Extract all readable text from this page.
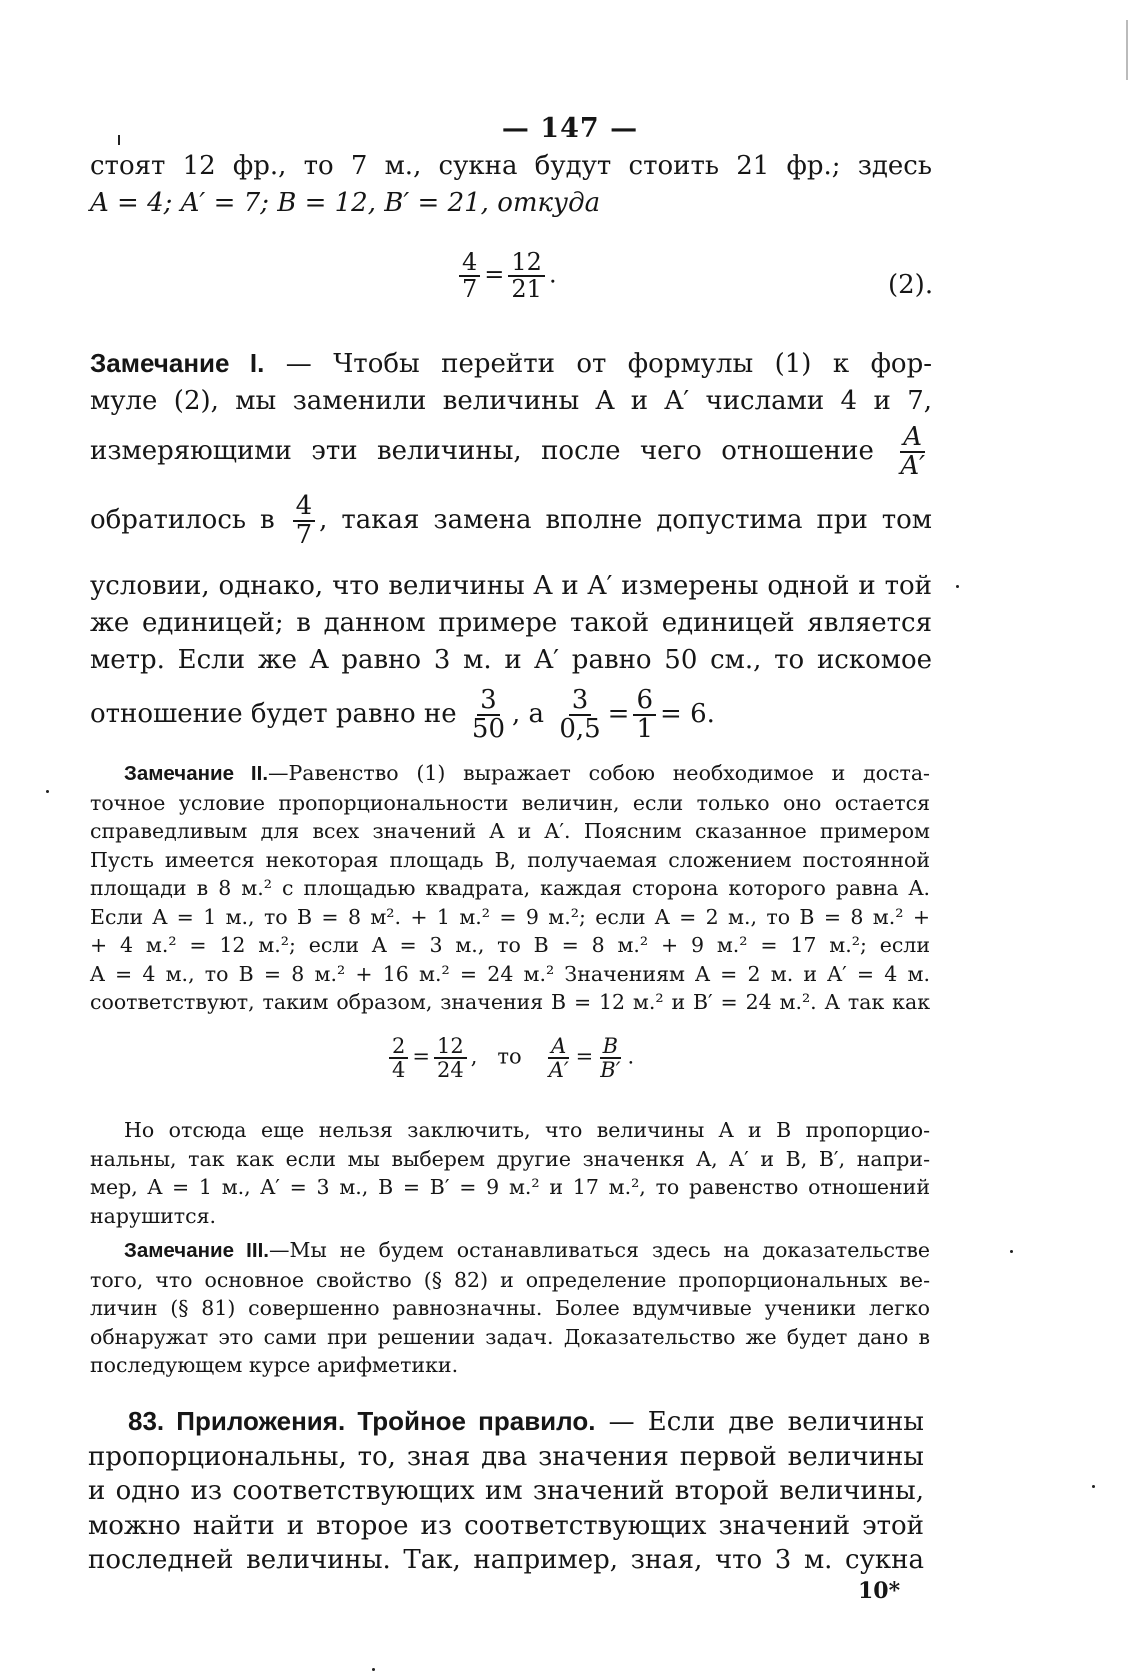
— 147 —
стоят 12 фр., то 7 м., сукна будут стоить 21 фр.; здесь
A = 4; A′ = 7; B = 12, B′ = 21, откуда
$\frac{4}{7} = \frac{12}{21}$ .	(2).
Замечание I. — Чтобы перейти от формулы (1) к фор-
муле (2), мы заменили величины A и A′ числами 4 и 7,
измеряющими эти величины, после чего отношение $\frac{A}{A'}$
обратилось в $\frac{4}{7}$ , такая замена вполне допустима при том
условии, однако, что величины A и A′ измерены одной и той
же единицей; в данном примере такой единицей является
метр. Если же A равно 3 м. и A′ равно 50 см., то искомое
отношение будет равно не $\frac{3}{50}$ , а $\frac{3}{0,5} = \frac{6}{1} = 6$.
Замечание II.—Равенство (1) выражает собою необходимое и доста-
точное условие пропорциональности величин, если только оно остается
справедливым для всех значений A и A′. Поясним сказанное примером
Пусть имеется некоторая площадь B, получаемая сложением постоянной
площади в 8 м.² с площадью квадрата, каждая сторона которого равна A.
Если A = 1 м., то B = 8 м². + 1 м.² = 9 м.²; если A = 2 м., то B = 8 м.² +
+ 4 м.² = 12 м.²; если A = 3 м., то B = 8 м.² + 9 м.² = 17 м.²; если
A = 4 м., то B = 8 м.² + 16 м.² = 24 м.² Значениям A = 2 м. и A′ = 4 м.
соответствуют, таким образом, значения B = 12 м.² и B′ = 24 м.². А так как
$\frac{2}{4} = \frac{12}{24}$ ,   то $\frac{A}{A'} = \frac{B}{B'}$ .
Но отсюда еще нельзя заключить, что величины A и B пропорцио-
нальны, так как если мы выберем другие значенкя A, A′ и B, B′, напри-
мер, A = 1 м., A′ = 3 м., B = B′ = 9 м.² и 17 м.², то равенство отношений
нарушится.
Замечание III.—Мы не будем останавливаться здесь на доказательстве
того, что основное свойство (§ 82) и определение пропорциональных ве-
личин (§ 81) совершенно равнозначны. Более вдумчивые ученики легко
обнаружат это сами при решении задач. Доказательство же будет дано в
последующем курсе арифметики.
83. Приложения. Тройное правило. — Если две величины
пропорциональны, то, зная два значения первой величины
и одно из соответствующих им значений второй величины,
можно найти и второе из соответствующих значений этой
последней величины. Так, например, зная, что 3 м. сукна
10*
